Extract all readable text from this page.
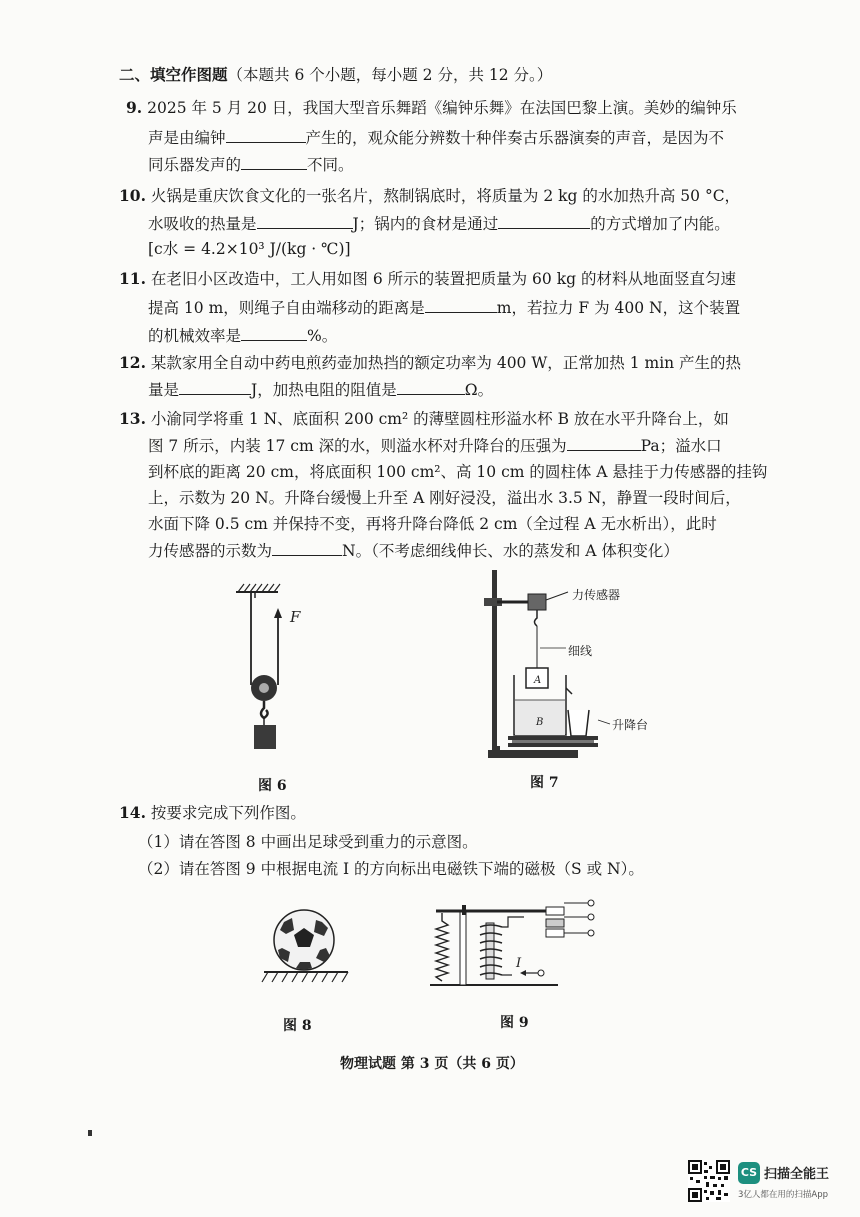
二、填空作图题（本题共 6 个小题，每小题 2 分，共 12 分。）
9. 2025 年 5 月 20 日，我国大型音乐舞蹈《编钟乐舞》在法国巴黎上演。美妙的编钟乐
声是由编钟	产生的，观众能分辨数十种伴奏古乐器演奏的声音，是因为不
同乐器发声的	不同。
10. 火锅是重庆饮食文化的一张名片，熬制锅底时，将质量为 2 kg 的水加热升高 50 °C，
水吸收的热量是	J；锅内的食材是通过	的方式增加了内能。
[c水 = 4.2×10³ J/(kg · ℃)]
11. 在老旧小区改造中，工人用如图 6 所示的装置把质量为 60 kg 的材料从地面竖直匀速
提高 10 m，则绳子自由端移动的距离是	m，若拉力 F 为 400 N，这个装置
的机械效率是	%。
12. 某款家用全自动中药电煎药壶加热挡的额定功率为 400 W，正常加热 1 min 产生的热
量是	J，加热电阻的阻值是	Ω。
13. 小渝同学将重 1 N、底面积 200 cm² 的薄壁圆柱形溢水杯 B 放在水平升降台上，如
图 7 所示，内装 17 cm 深的水，则溢水杯对升降台的压强为	Pa；溢水口
到杯底的距离 20 cm，将底面积 100 cm²、高 10 cm 的圆柱体 A 悬挂于力传感器的挂钩
上，示数为 20 N。升降台缓慢上升至 A 刚好浸没，溢出水 3.5 N，静置一段时间后，
水面下降 0.5 cm 并保持不变，再将升降台降低 2 cm（全过程 A 无水析出），此时
力传感器的示数为	N。（不考虑细线伸长、水的蒸发和 A 体积变化）
F
图 6
A
B
力传感器
细线
升降台
图 7
14. 按要求完成下列作图。
（1）请在答图 8 中画出足球受到重力的示意图。
（2）请在答图 9 中根据电流 I 的方向标出电磁铁下端的磁极（S 或 N）。
图 8
I
图 9
物理试题 第 3 页（共 6 页）
CS 扫描全能王
3亿人都在用的扫描App
